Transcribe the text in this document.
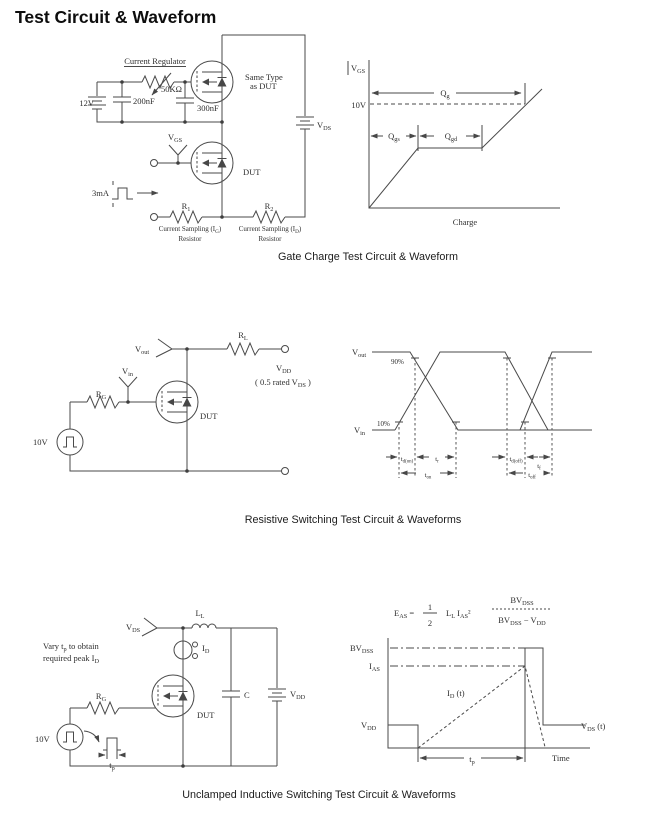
Test Circuit & Waveform
Current Regulator
12V	200nF
50KΩ
300nF
Same Type
as DUT
$V_{DS}$
$V_{GS}$
DUT
3mA
$R_1$	$R_2$
Current Sampling $(I_G)$
Resistor
Current Sampling $(I_D)$
Resistor
$V_{GS}$
10V
$Q_g$
$Q_{gs}$	$Q_{gd}$
Charge
Gate Charge Test Circuit & Waveform
$V_{out}$
$R_L$
$V_{DD}$
( 0.5 rated $V_{DS}$ )
$V_{in}$
$R_G$
DUT
10V
$V_{out}$
90%
$V_{in}$
10%
$t_{d(on)}$	$t_r$
$t_{on}$
$t_{d(off)}$
$t_f$
$t_{off}$
Resistive Switching Test Circuit & Waveforms
$L_L$
$V_{DS}$
$I_D$
Vary $t_p$ to obtain
required peak $I_D$
$R_G$
10V
$t_p$
DUT
C	$V_{DD}$
$E_{AS}$ =
1
2
$L_L$ $I_{AS}^2$
$BV_{DSS}$
$BV_{DSS} - V_{DD}$
$BV_{DSS}$
$I_{AS}$
$V_{DD}$
$I_D$ (t)
$V_{DS}$ (t)
$t_p$	Time
Unclamped Inductive Switching Test Circuit & Waveforms
